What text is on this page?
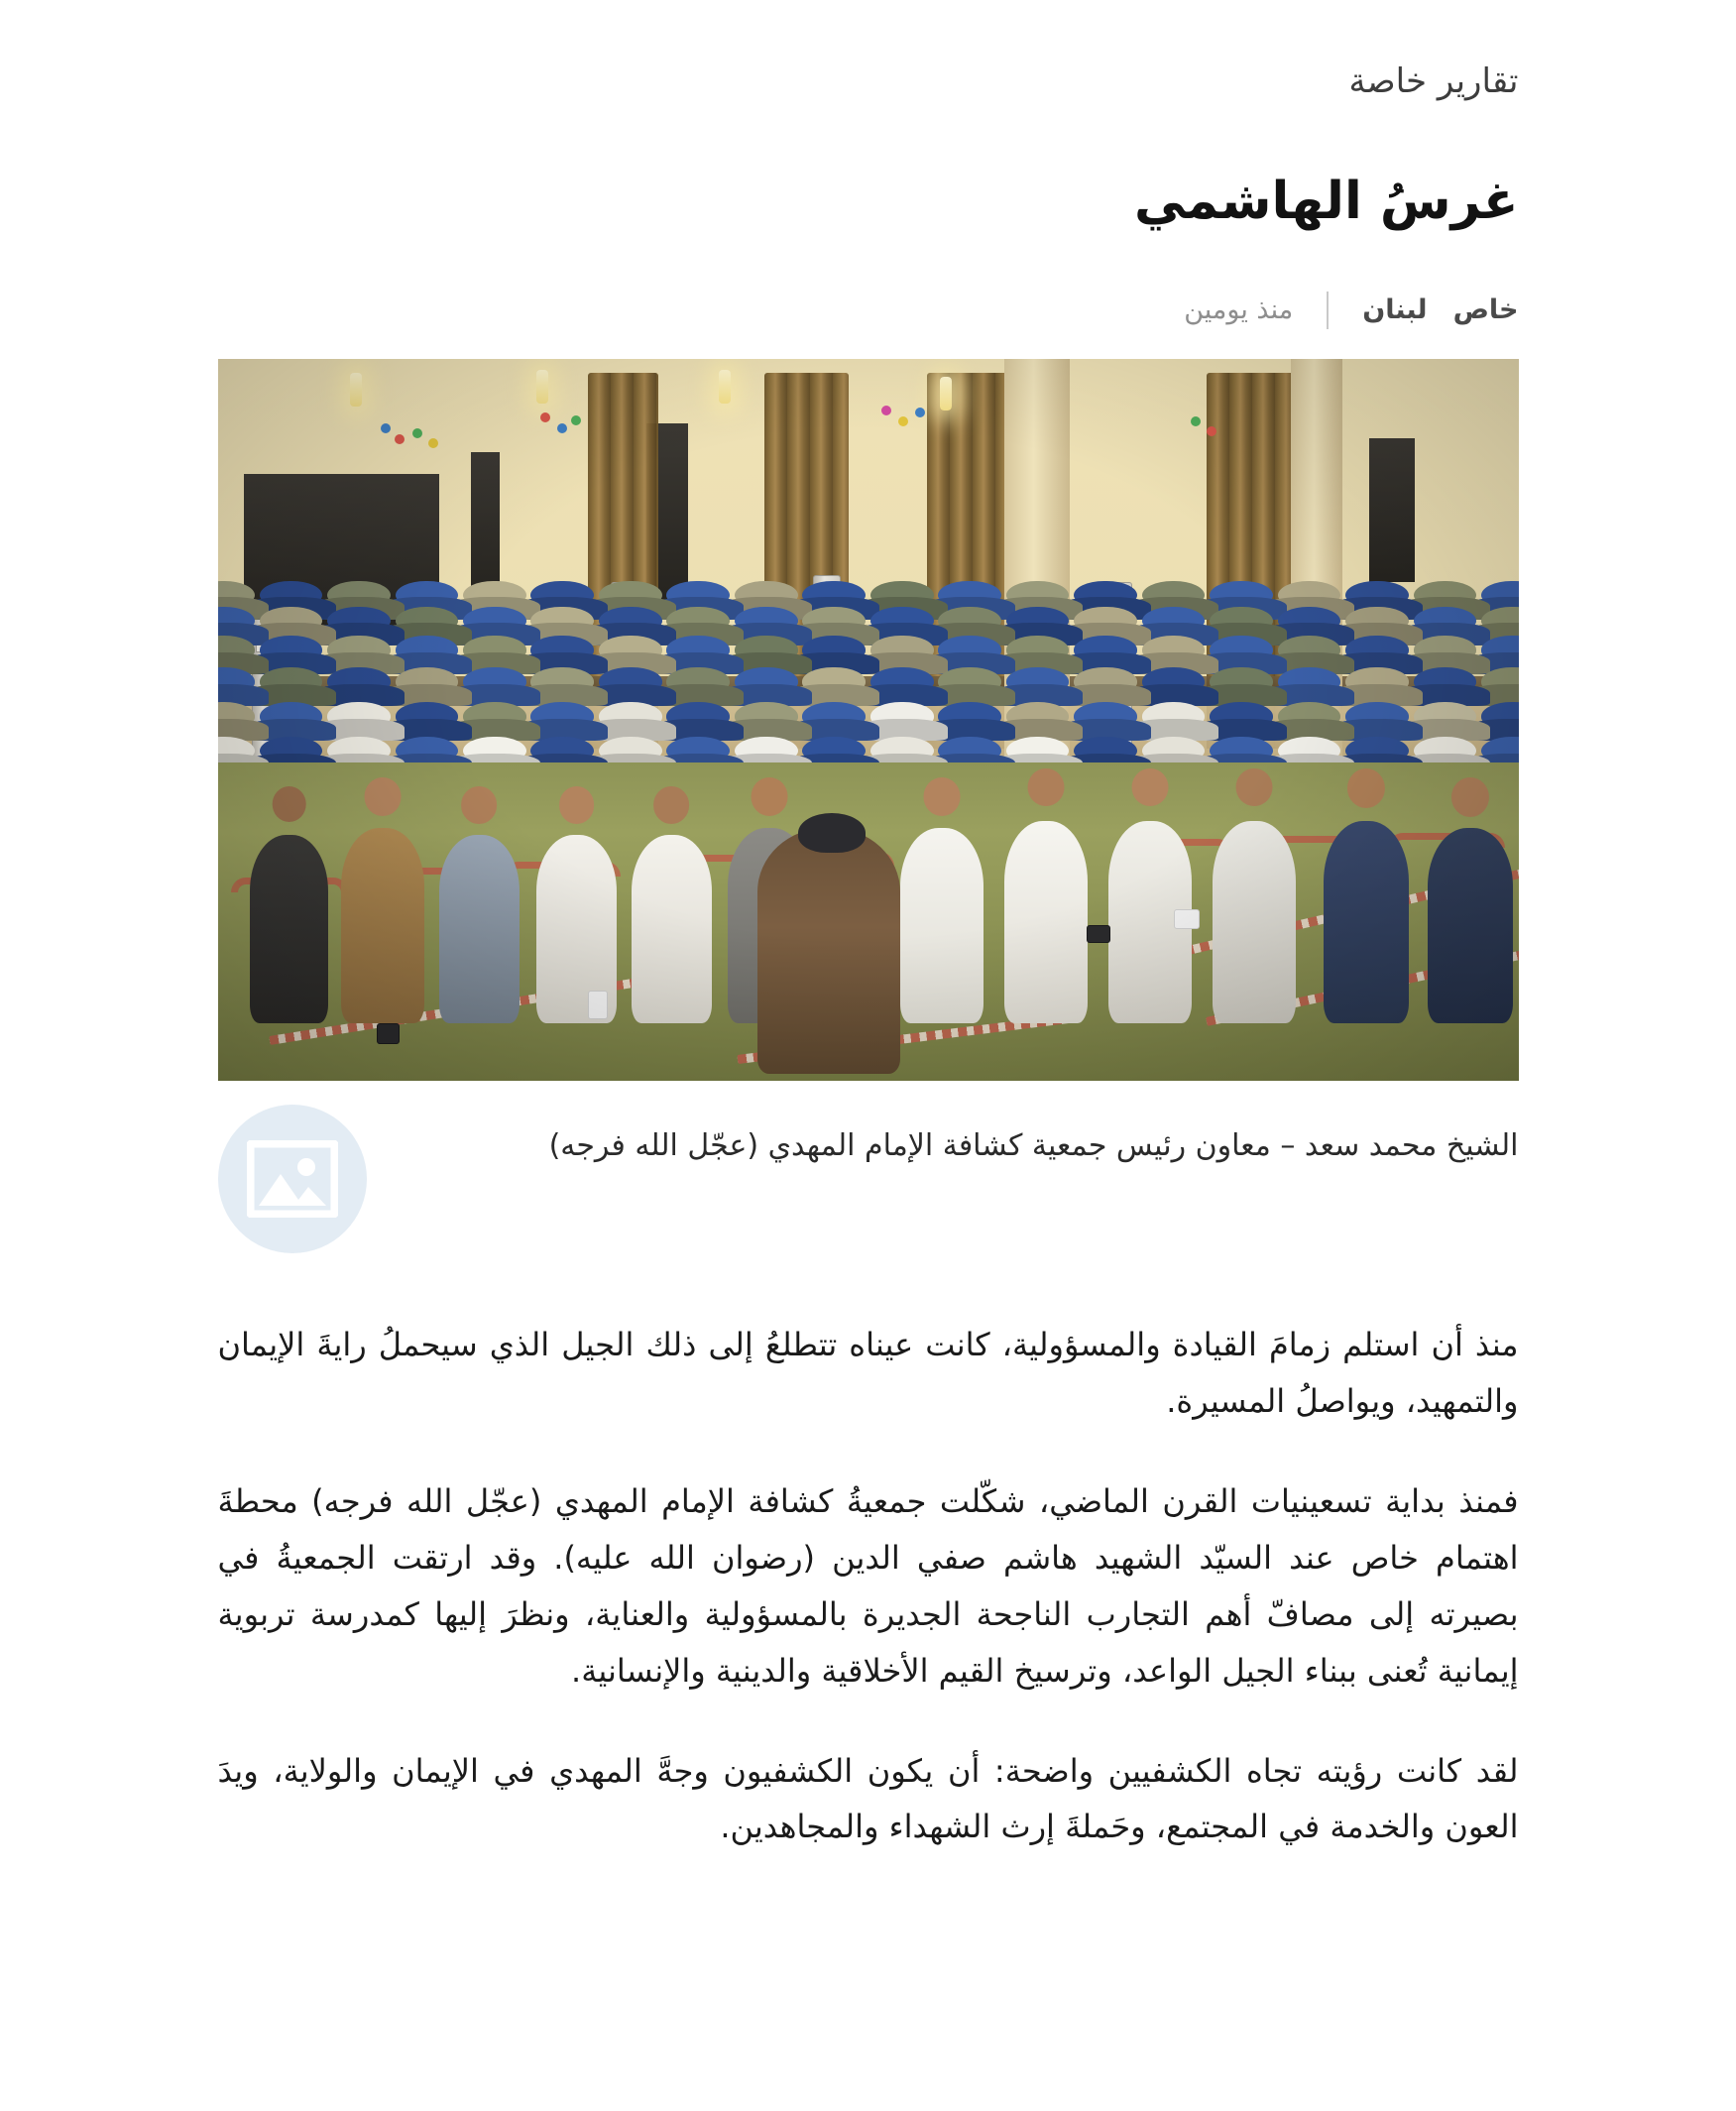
تقارير خاصة
غرسُ الهاشمي
خاص
لبنان
منذ يومين

الشيخ محمد سعد – معاون رئيس جمعية كشافة الإمام المهدي (عجّل الله فرجه)

منذ أن استلم زمامَ القيادة والمسؤولية، كانت عيناه تتطلعُ إلى ذلك الجيل الذي سيحملُ رايةَ الإيمان والتمهيد، ويواصلُ المسيرة.

فمنذ بداية تسعينيات القرن الماضي، شكّلت جمعيةُ كشافة الإمام المهدي (عجّل الله فرجه) محطةَ اهتمام خاص عند السيّد الشهيد هاشم صفي الدين (رضوان الله عليه). وقد ارتقت الجمعيةُ في بصيرته إلى مصافّ أهم التجارب الناجحة الجديرة بالمسؤولية والعناية، ونظرَ إليها كمدرسة تربوية إيمانية تُعنى ببناء الجيل الواعد، وترسيخ القيم الأخلاقية والدينية والإنسانية.

لقد كانت رؤيته تجاه الكشفيين واضحة: أن يكون الكشفيون وجهَّ المهدي في الإيمان والولاية، ويدَ العون والخدمة في المجتمع، وحَملةَ إرث الشهداء والمجاهدين.
